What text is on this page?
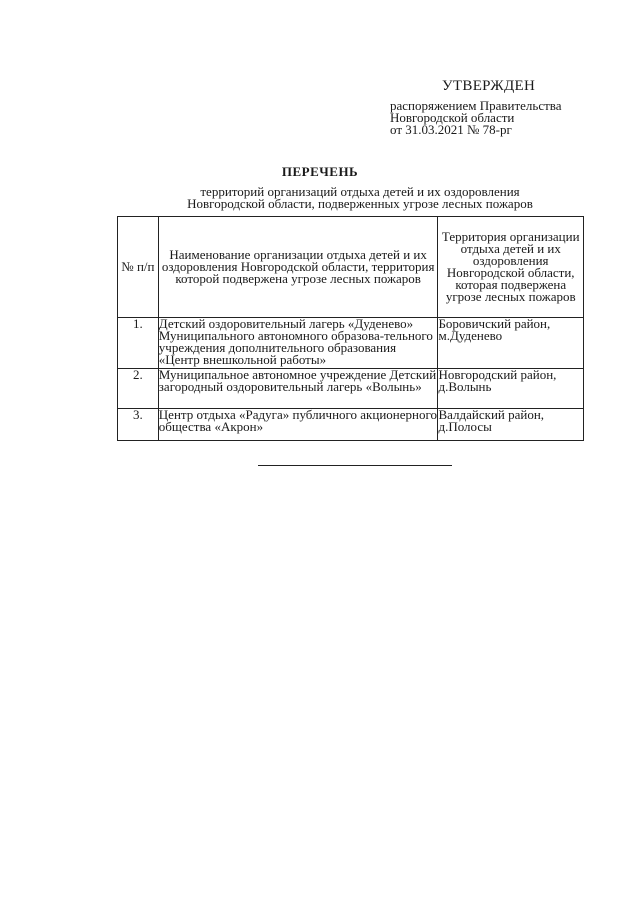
УТВЕРЖДЕН
распоряжением Правительства
Новгородской области
от 31.03.2021 № 78-рг
ПЕРЕЧЕНЬ
территорий организаций отдыха детей и их оздоровления
Новгородской области, подверженных угрозе лесных пожаров
№ п/п	Наименование организации отдыха детей и их оздоровления Новгородской области, территория которой подвержена угрозе лесных пожаров	Территория организации отдыха детей и их оздоровления Новгородской области, которая подвержена угрозе лесных пожаров
1.	Детский оздоровительный лагерь «Дуденево» Муниципального автономного образова-тельного учреждения дополнительного образования «Центр внешкольной работы»	Боровичский район, м.Дуденево
2.	Муниципальное автономное учреждение Детский загородный оздоровительный лагерь «Волынь»	Новгородский район, д.Волынь
3.	Центр отдыха «Радуга» публичного акционерного общества «Акрон»	Валдайский район, д.Полосы
